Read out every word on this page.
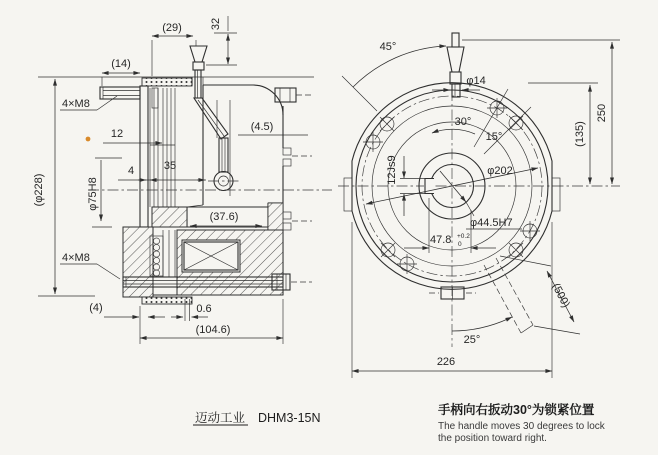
(29)	32
(14)
4×M8
12
4	35
φ75H8
(4.5)
(37.6)
4×M8
(4)	0.6
(104.6)
(φ228)
45°
φ14
250
(135)
30°
15°
φ202
12Js9
φ44.5H7
47.8 +0.2
0
25°
(500)
226
迈动工业 DHM3-15N
手柄向右扳动30°为锁紧位置
The handle moves 30 degrees to lock
the position toward right.
